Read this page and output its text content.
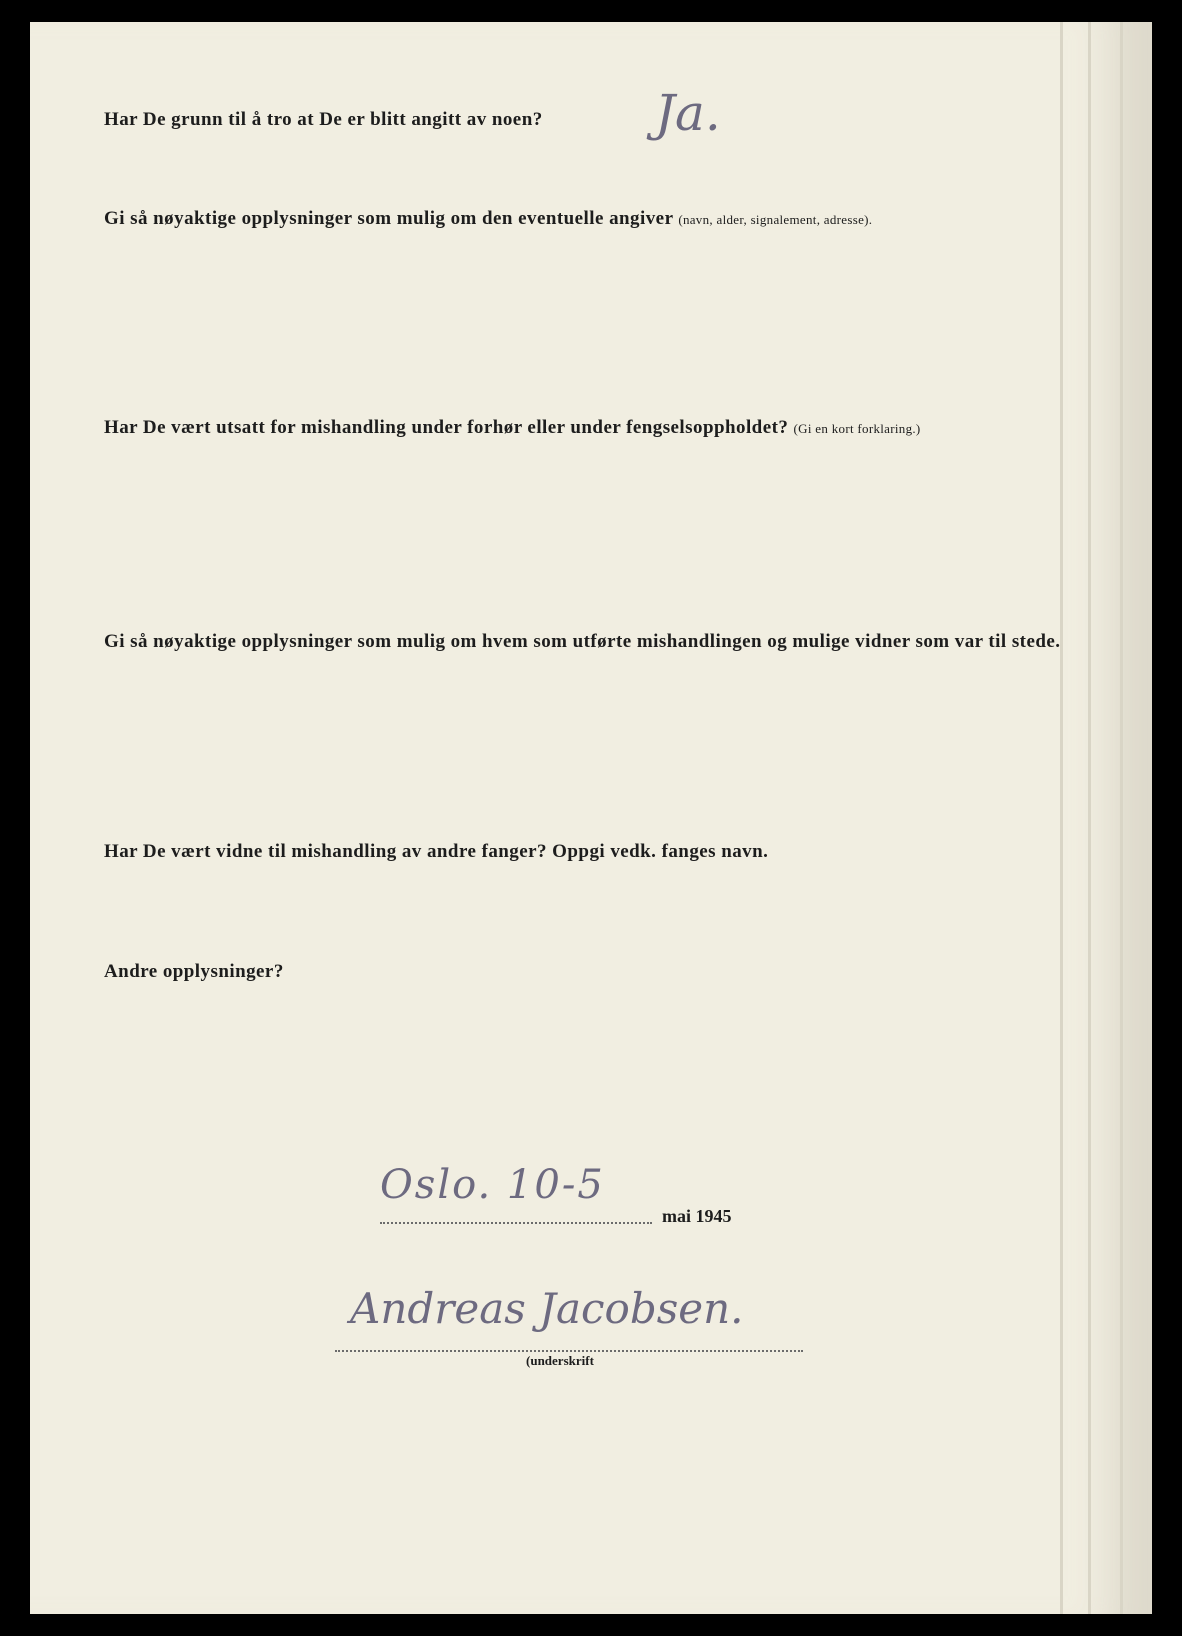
Har De grunn til å tro at De er blitt angitt av noen? Ja.

Gi så nøyaktige opplysninger som mulig om den eventuelle angiver (navn, alder, signalement, adresse).

Har De vært utsatt for mishandling under forhør eller under fengselsoppholdet? (Gi en kort forklaring.)

Gi så nøyaktige opplysninger som mulig om hvem som utførte mishandlingen og mulige vidner som var til stede.

Har De vært vidne til mishandling av andre fanger? Oppgi vedk. fanges navn.

Andre opplysninger?

Oslo. 10-5
mai 1945
Andreas Jacobsen.
(underskrift
